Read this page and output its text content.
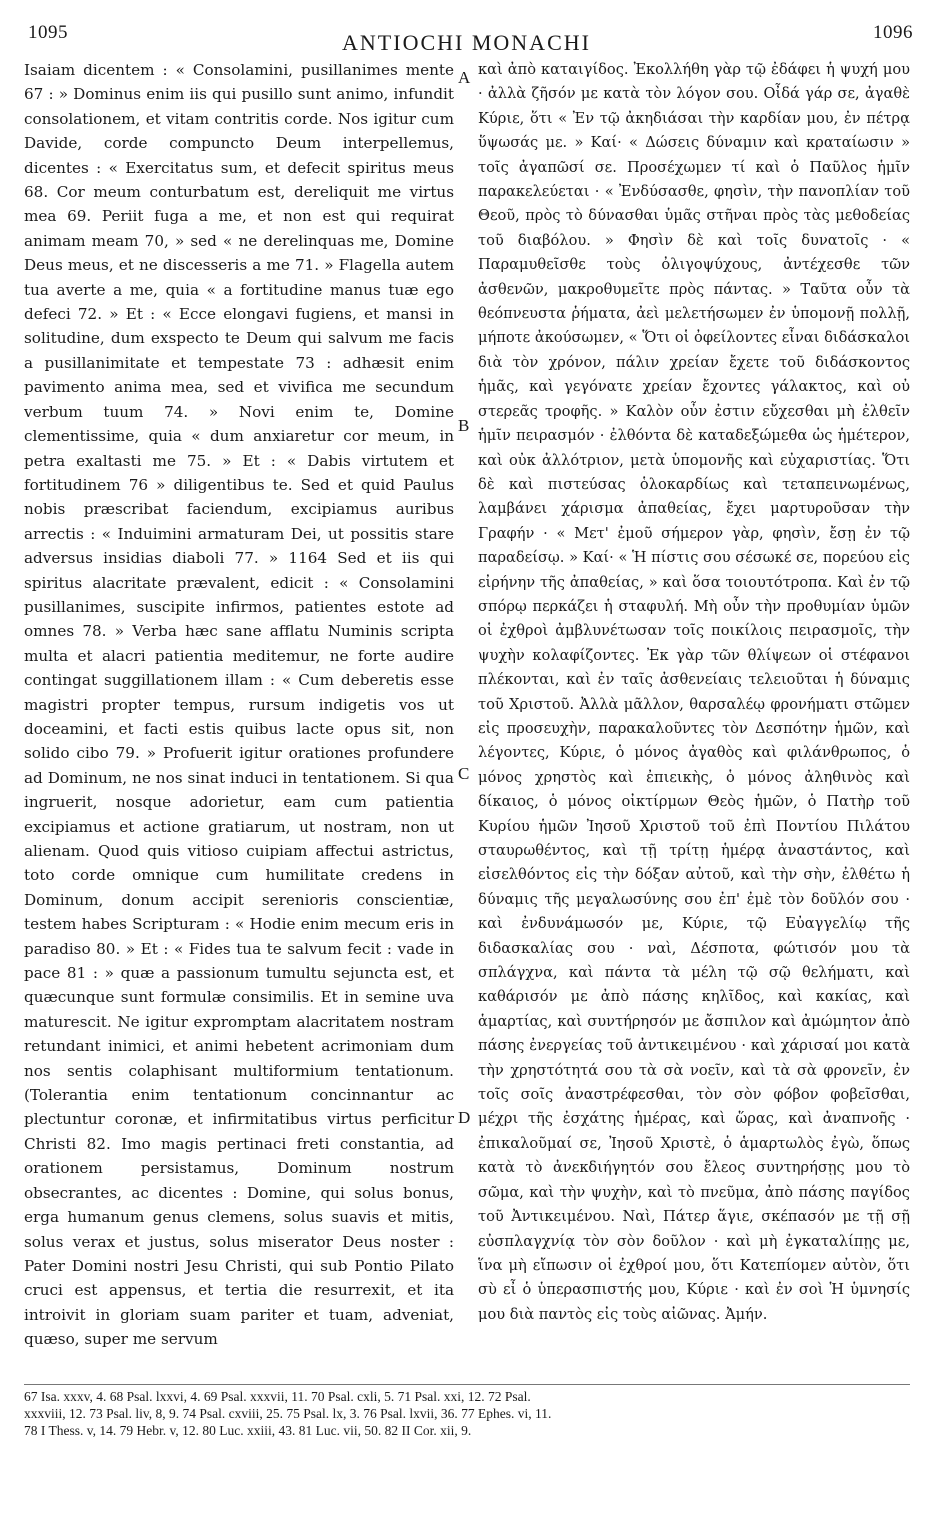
1095	ANTIOCHI MONACHI	1096

Isaiam dicentem : « Consolamini, pusillanimes mente 67 : » Dominus enim iis qui pusillo sunt animo, infundit consolationem, et vitam contritis corde. Nos igitur cum Davide, corde compuncto Deum interpellemus, dicentes : « Exercitatus sum, et defecit spiritus meus 68. Cor meum conturbatum est, dereliquit me virtus mea 69. Periit fuga a me, et non est qui requirat animam meam 70, » sed « ne derelinquas me, Domine Deus meus, et ne discesseris a me 71. » Flagella autem tua averte a me, quia « a fortitudine manus tuæ ego defeci 72. » Et : « Ecce elongavi fugiens, et mansi in solitudine, dum exspecto te Deum qui salvum me facis a pusillanimitate et tempestate 73 : adhæsit enim pavimento anima mea, sed et vivifica me secundum verbum tuum 74. » Novi enim te, Domine clementissime, quia « dum anxiaretur cor meum, in petra exaltasti me 75. » Et : « Dabis virtutem et fortitudinem 76 » diligentibus te. Sed et quid Paulus nobis præscribat faciendum, excipiamus auribus arrectis : « Induimini armaturam Dei, ut possitis stare adversus insidias diaboli 77. » 1164 Sed et iis qui spiritus alacritate prævalent, edicit : « Consolamini pusillanimes, suscipite infirmos, patientes estote ad omnes 78. » Verba hæc sane afflatu Numinis scripta multa et alacri patientia meditemur, ne forte audire contingat suggillationem illam : « Cum deberetis esse magistri propter tempus, rursum indigetis vos ut doceamini, et facti estis quibus lacte opus sit, non solido cibo 79. » Profuerit igitur orationes profundere ad Dominum, ne nos sinat induci in tentationem. Si qua ingruerit, nosque adorietur, eam cum patientia excipiamus et actione gratiarum, ut nostram, non ut alienam. Quod quis vitioso cuipiam affectui astrictus, toto corde omnique cum humilitate credens in Dominum, donum accipit serenioris conscientiæ, testem habes Scripturam : « Hodie enim mecum eris in paradiso 80. » Et : « Fides tua te salvum fecit : vade in pace 81 : » quæ a passionum tumultu sejuncta est, et quæcunque sunt formulæ consimilis. Et in semine uva maturescit. Ne igitur expromptam alacritatem nostram retundant inimici, et animi hebetent acrimoniam dum nos sentis colaphisant multiformium tentationum. (Tolerantia enim tentationum concinnantur ac plectuntur coronæ, et infirmitatibus virtus perficitur Christi 82. Imo magis pertinaci freti constantia, ad orationem persistamus, Dominum nostrum obsecrantes, ac dicentes : Domine, qui solus bonus, erga humanum genus clemens, solus suavis et mitis, solus verax et justus, solus miserator Deus noster : Pater Domini nostri Jesu Christi, qui sub Pontio Pilato cruci est appensus, et tertia die resurrexit, et ita introivit in gloriam suam pariter et tuam, adveniat, quæso, super me servum

A
B
C
D

καὶ ἀπὸ καταιγίδος. Ἐκολλήθη γὰρ τῷ ἐδάφει ἡ ψυχή μου · ἀλλὰ ζῆσόν με κατὰ τὸν λόγον σου. Οἶδά γάρ σε, ἀγαθὲ Κύριε, ὅτι « Ἐν τῷ ἀκηδιάσαι τὴν καρδίαν μου, ἐν πέτρᾳ ὕψωσάς με. » Καί· « Δώσεις δύναμιν καὶ κραταίωσιν » τοῖς ἀγαπῶσί σε. Προσέχωμεν τί καὶ ὁ Παῦλος ἡμῖν παρακελεύεται · « Ἐνδύσασθε, φησὶν, τὴν πανοπλίαν τοῦ Θεοῦ, πρὸς τὸ δύνασθαι ὑμᾶς στῆναι πρὸς τὰς μεθοδείας τοῦ διαβόλου. » Φησὶν δὲ καὶ τοῖς δυνατοῖς · « Παραμυθεῖσθε τοὺς ὀλιγοψύχους, ἀντέχεσθε τῶν ἀσθενῶν, μακροθυμεῖτε πρὸς πάντας. » Ταῦτα οὖν τὰ θεόπνευστα ῥήματα, ἀεὶ μελετήσωμεν ἐν ὑπομονῇ πολλῇ, μήποτε ἀκούσωμεν, « Ὅτι οἱ ὀφείλοντες εἶναι διδάσκαλοι διὰ τὸν χρόνον, πάλιν χρείαν ἔχετε τοῦ διδάσκοντος ἡμᾶς, καὶ γεγόνατε χρείαν ἔχοντες γάλακτος, καὶ οὐ στερεᾶς τροφῆς. » Καλὸν οὖν ἐστιν εὔχεσθαι μὴ ἐλθεῖν ἡμῖν πειρασμόν · ἐλθόντα δὲ καταδεξώμεθα ὡς ἡμέτερον, καὶ οὐκ ἀλλότριον, μετὰ ὑπομονῆς καὶ εὐχαριστίας. Ὅτι δὲ καὶ πιστεύσας ὁλοκαρδίως καὶ τεταπεινωμένως, λαμβάνει χάρισμα ἀπαθείας, ἔχει μαρτυροῦσαν τὴν Γραφήν · « Μετ' ἐμοῦ σήμερον γὰρ, φησὶν, ἔσῃ ἐν τῷ παραδείσῳ. » Καί· « Ἡ πίστις σου σέσωκέ σε, πορεύου εἰς εἰρήνην τῆς ἀπαθείας, » καὶ ὅσα τοιουτότροπα. Καὶ ἐν τῷ σπόρῳ περκάζει ἡ σταφυλή. Μὴ οὖν τὴν προθυμίαν ὑμῶν οἱ ἐχθροὶ ἀμβλυνέτωσαν τοῖς ποικίλοις πειρασμοῖς, τὴν ψυχὴν κολαφίζοντες. Ἐκ γὰρ τῶν θλίψεων οἱ στέφανοι πλέκονται, καὶ ἐν ταῖς ἀσθενείαις τελειοῦται ἡ δύναμις τοῦ Χριστοῦ. Ἀλλὰ μᾶλλον, θαρσαλέῳ φρονήματι στῶμεν εἰς προσευχὴν, παρακαλοῦντες τὸν Δεσπότην ἡμῶν, καὶ λέγοντες, Κύριε, ὁ μόνος ἀγαθὸς καὶ φιλάνθρωπος, ὁ μόνος χρηστὸς καὶ ἐπιεικὴς, ὁ μόνος ἀληθινὸς καὶ δίκαιος, ὁ μόνος οἰκτίρμων Θεὸς ἡμῶν, ὁ Πατὴρ τοῦ Κυρίου ἡμῶν Ἰησοῦ Χριστοῦ τοῦ ἐπὶ Ποντίου Πιλάτου σταυρωθέντος, καὶ τῇ τρίτῃ ἡμέρᾳ ἀναστάντος, καὶ εἰσελθόντος εἰς τὴν δόξαν αὐτοῦ, καὶ τὴν σὴν, ἐλθέτω ἡ δύναμις τῆς μεγαλωσύνης σου ἐπ' ἐμὲ τὸν δοῦλόν σου · καὶ ἐνδυνάμωσόν με, Κύριε, τῷ Εὐαγγελίῳ τῆς διδασκαλίας σου · ναὶ, Δέσποτα, φώτισόν μου τὰ σπλάγχνα, καὶ πάντα τὰ μέλη τῷ σῷ θελήματι, καὶ καθάρισόν με ἀπὸ πάσης κηλῖδος, καὶ κακίας, καὶ ἁμαρτίας, καὶ συντήρησόν με ἄσπιλον καὶ ἀμώμητον ἀπὸ πάσης ἐνεργείας τοῦ ἀντικειμένου · καὶ χάρισαί μοι κατὰ τὴν χρηστότητά σου τὰ σὰ νοεῖν, καὶ τὰ σὰ φρονεῖν, ἐν τοῖς σοῖς ἀναστρέφεσθαι, τὸν σὸν φόβον φοβεῖσθαι, μέχρι τῆς ἐσχάτης ἡμέρας, καὶ ὥρας, καὶ ἀναπνοῆς · ἐπικαλοῦμαί σε, Ἰησοῦ Χριστὲ, ὁ ἁμαρτωλὸς ἐγὼ, ὅπως κατὰ τὸ ἀνεκδιήγητόν σου ἔλεος συντηρήσῃς μου τὸ σῶμα, καὶ τὴν ψυχὴν, καὶ τὸ πνεῦμα, ἀπὸ πάσης παγίδος τοῦ Ἀντικειμένου. Ναὶ, Πάτερ ἅγιε, σκέπασόν με τῇ σῇ εὐσπλαγχνίᾳ τὸν σὸν δοῦλον · καὶ μὴ ἐγκαταλίπῃς με, ἵνα μὴ εἴπωσιν οἱ ἐχθροί μου, ὅτι Κατεπίομεν αὐτὸν, ὅτι σὺ εἶ ὁ ὑπερασπιστής μου, Κύριε · καὶ ἐν σοὶ Ἡ ὑμνησίς μου διὰ παντὸς εἰς τοὺς αἰῶνας. Ἀμήν.

67 Isa. xxxv, 4. 68 Psal. lxxvi, 4. 69 Psal. xxxvii, 11. 70 Psal. cxli, 5. 71 Psal. xxi, 12. 72 Psal.
xxxviii, 12. 73 Psal. liv, 8, 9. 74 Psal. cxviii, 25. 75 Psal. lx, 3. 76 Psal. lxvii, 36. 77 Ephes. vi, 11.
78 I Thess. v, 14. 79 Hebr. v, 12. 80 Luc. xxiii, 43. 81 Luc. vii, 50. 82 II Cor. xii, 9.
